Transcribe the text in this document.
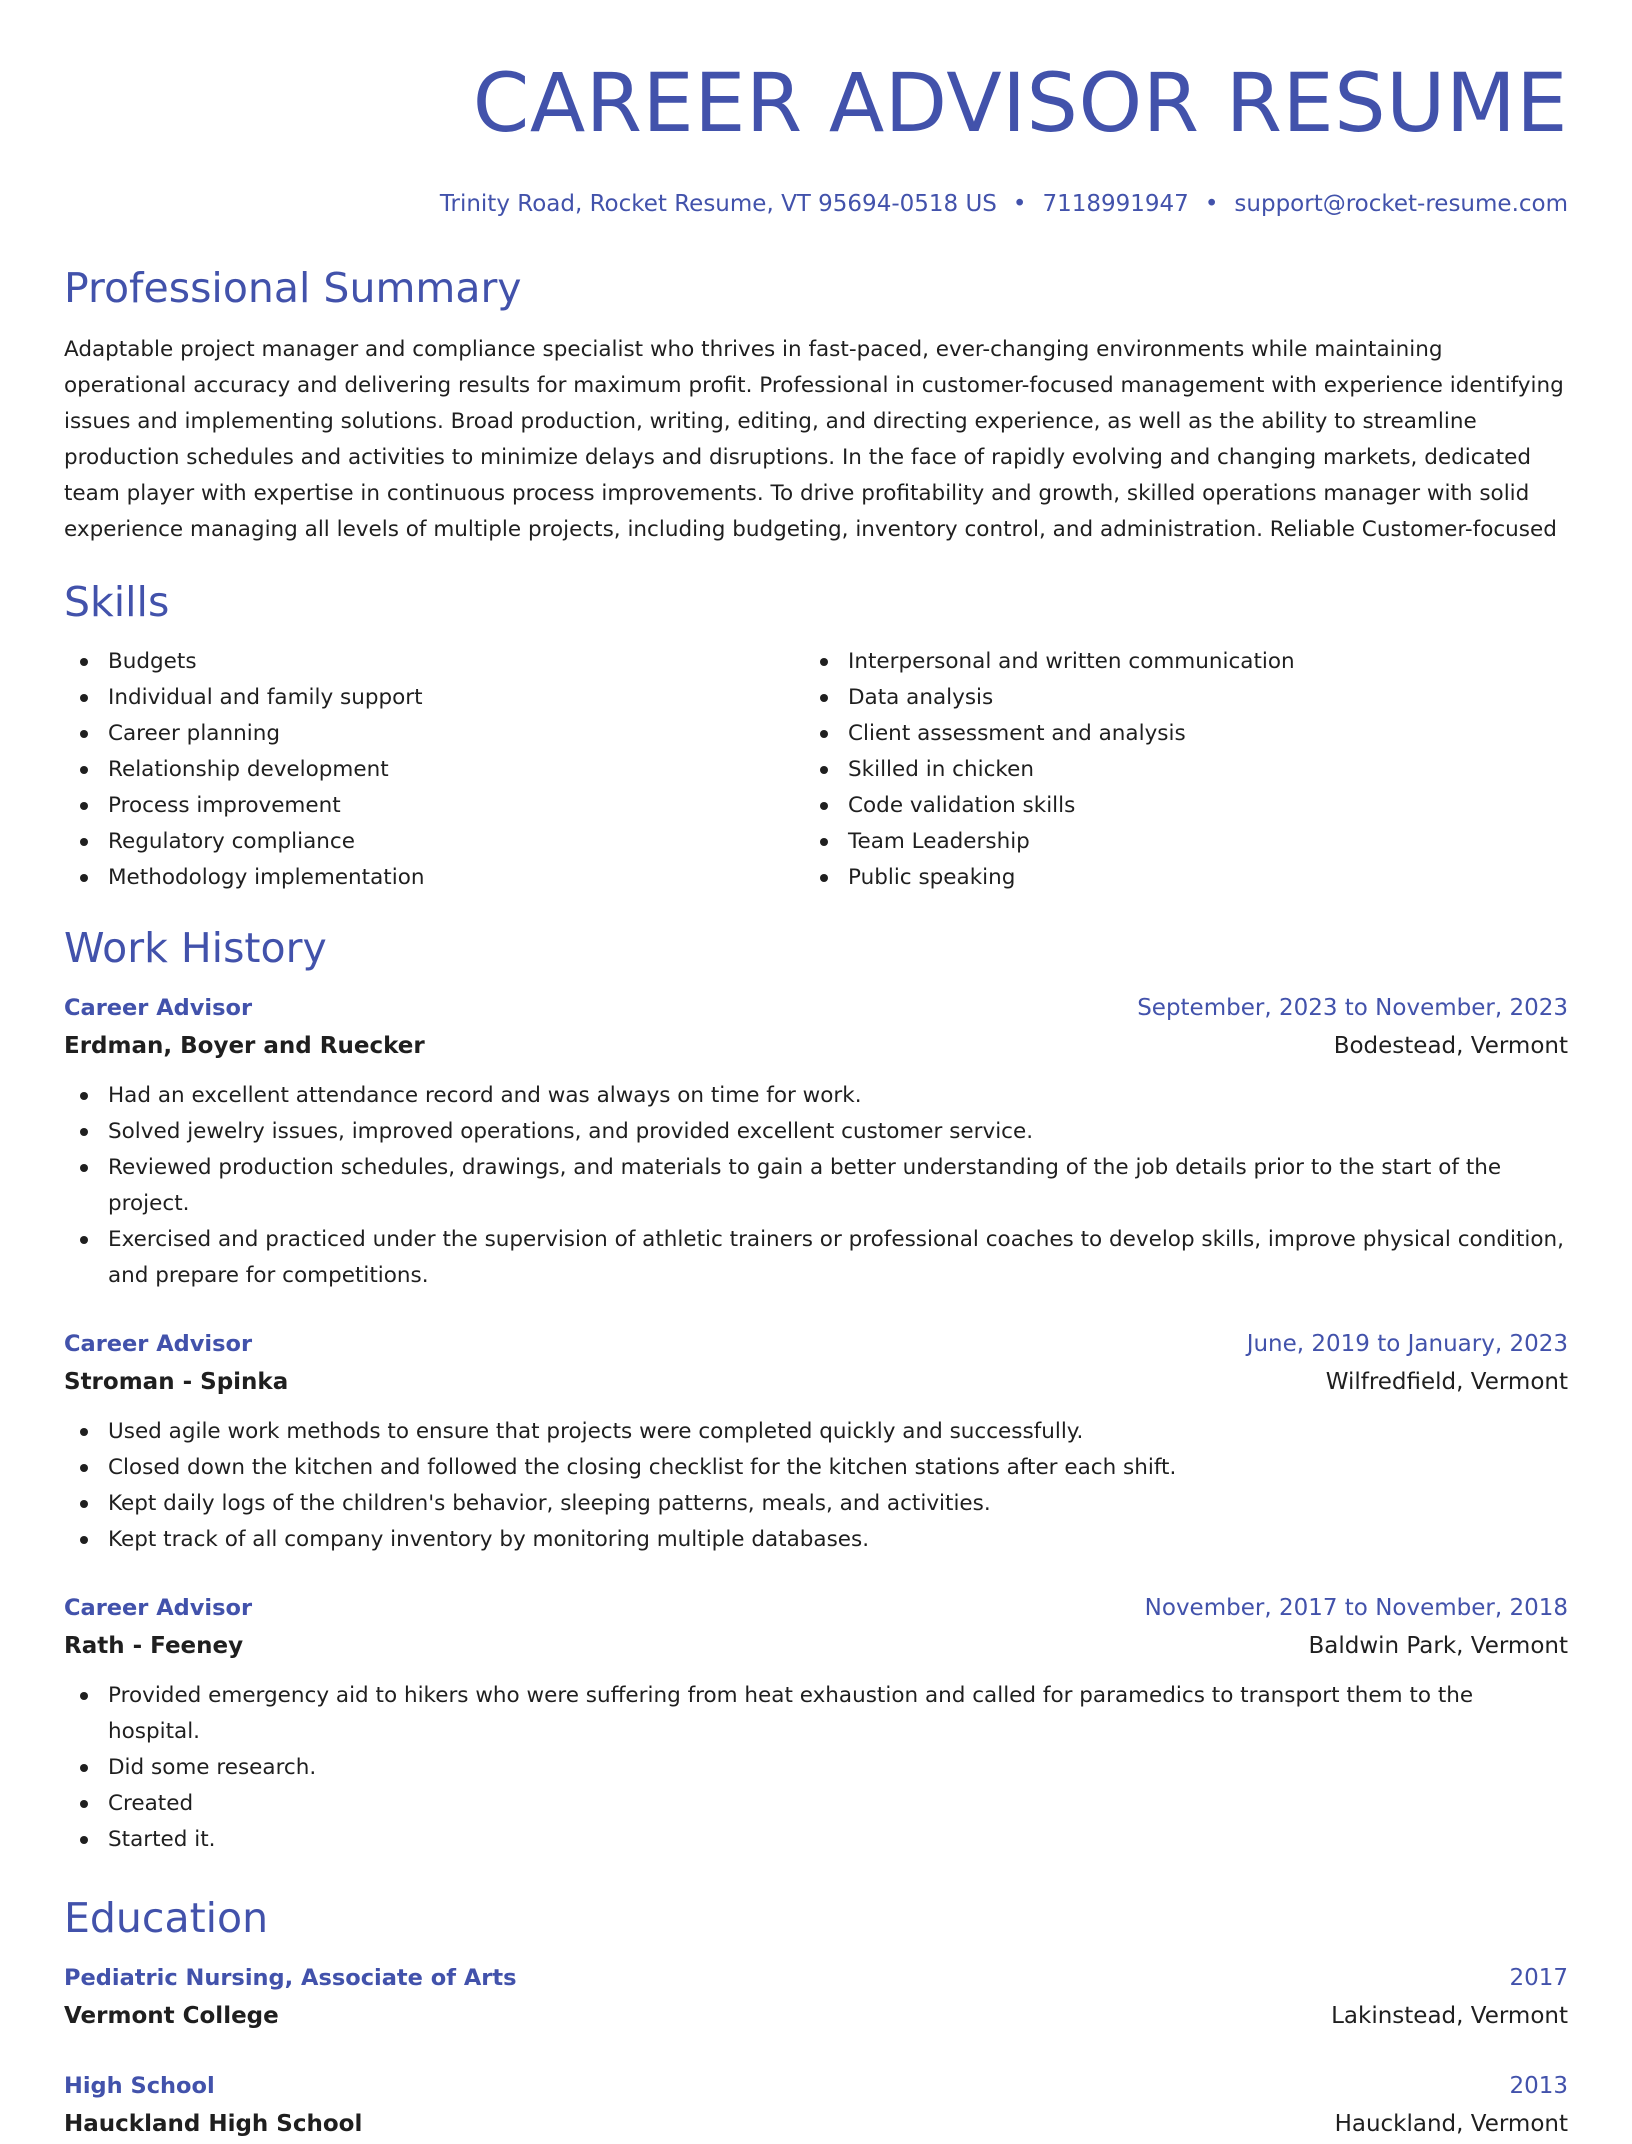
CAREER ADVISOR RESUME
Trinity Road, Rocket Resume, VT 95694-0518 US • 7118991947 • support@rocket-resume.com
Professional Summary
Adaptable project manager and compliance specialist who thrives in fast-paced, ever-changing environments while maintaining operational accuracy and delivering results for maximum profit. Professional in customer-focused management with experience identifying issues and implementing solutions. Broad production, writing, editing, and directing experience, as well as the ability to streamline production schedules and activities to minimize delays and disruptions. In the face of rapidly evolving and changing markets, dedicated team player with expertise in continuous process improvements. To drive profitability and growth, skilled operations manager with solid experience managing all levels of multiple projects, including budgeting, inventory control, and administration. Reliable Customer-focused
Skills
Budgets
Individual and family support
Career planning
Relationship development
Process improvement
Regulatory compliance
Methodology implementation
Interpersonal and written communication
Data analysis
Client assessment and analysis
Skilled in chicken
Code validation skills
Team Leadership
Public speaking
Work History
Career Advisor	September, 2023 to November, 2023
Erdman, Boyer and Ruecker	Bodestead, Vermont
Had an excellent attendance record and was always on time for work.
Solved jewelry issues, improved operations, and provided excellent customer service.
Reviewed production schedules, drawings, and materials to gain a better understanding of the job details prior to the start of the project.
Exercised and practiced under the supervision of athletic trainers or professional coaches to develop skills, improve physical condition, and prepare for competitions.
Career Advisor	June, 2019 to January, 2023
Stroman - Spinka	Wilfredfield, Vermont
Used agile work methods to ensure that projects were completed quickly and successfully.
Closed down the kitchen and followed the closing checklist for the kitchen stations after each shift.
Kept daily logs of the children's behavior, sleeping patterns, meals, and activities.
Kept track of all company inventory by monitoring multiple databases.
Career Advisor	November, 2017 to November, 2018
Rath - Feeney	Baldwin Park, Vermont
Provided emergency aid to hikers who were suffering from heat exhaustion and called for paramedics to transport them to the hospital.
Did some research.
Created
Started it.
Education
Pediatric Nursing, Associate of Arts	2017
Vermont College	Lakinstead, Vermont
High School	2013
Hauckland High School	Hauckland, Vermont
